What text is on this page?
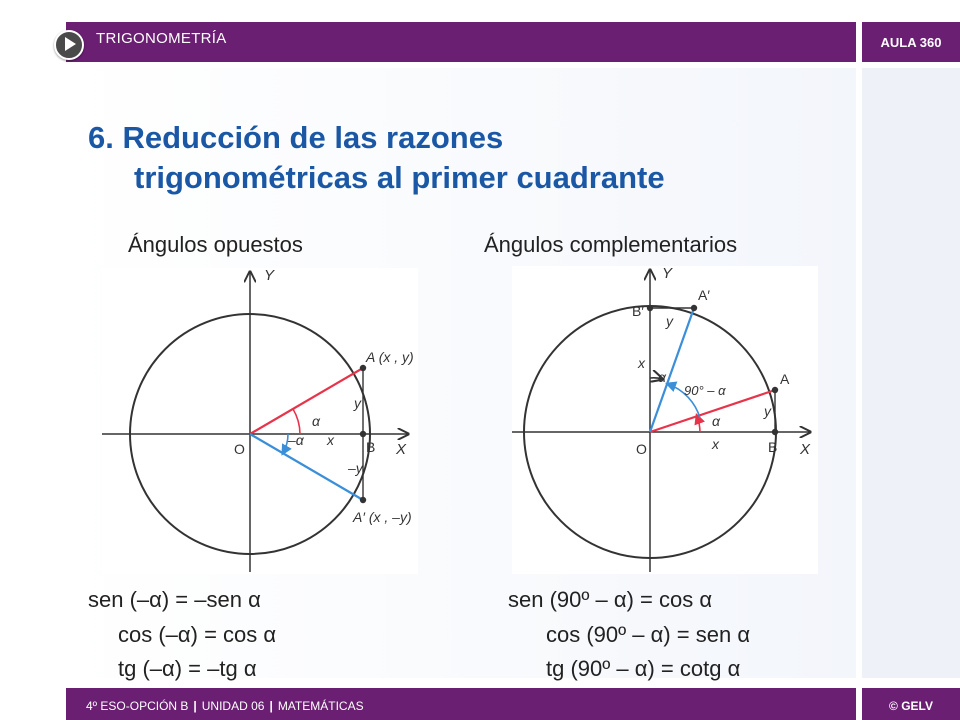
TRIGONOMETRÍA	AULA 360
6. Reducción de las razones
trigonométricas al primer cuadrante
Ángulos opuestos	Ángulos complementarios
Y
X
O
A (x , y)
A′ (x , –y)
B
α
–α x
y
–y
Y
X
O
A
A′
B
B′
α
α
90° – α
x
x
y
y
sen (–α) = –sen α
cos (–α) = cos α
tg (–α) = –tg α
sen (90º – α) = cos α
cos (90º – α) = sen α
tg (90º – α) = cotg α
4º ESO-OPCIÓN B | UNIDAD 06 | MATEMÁTICAS	© GELV
